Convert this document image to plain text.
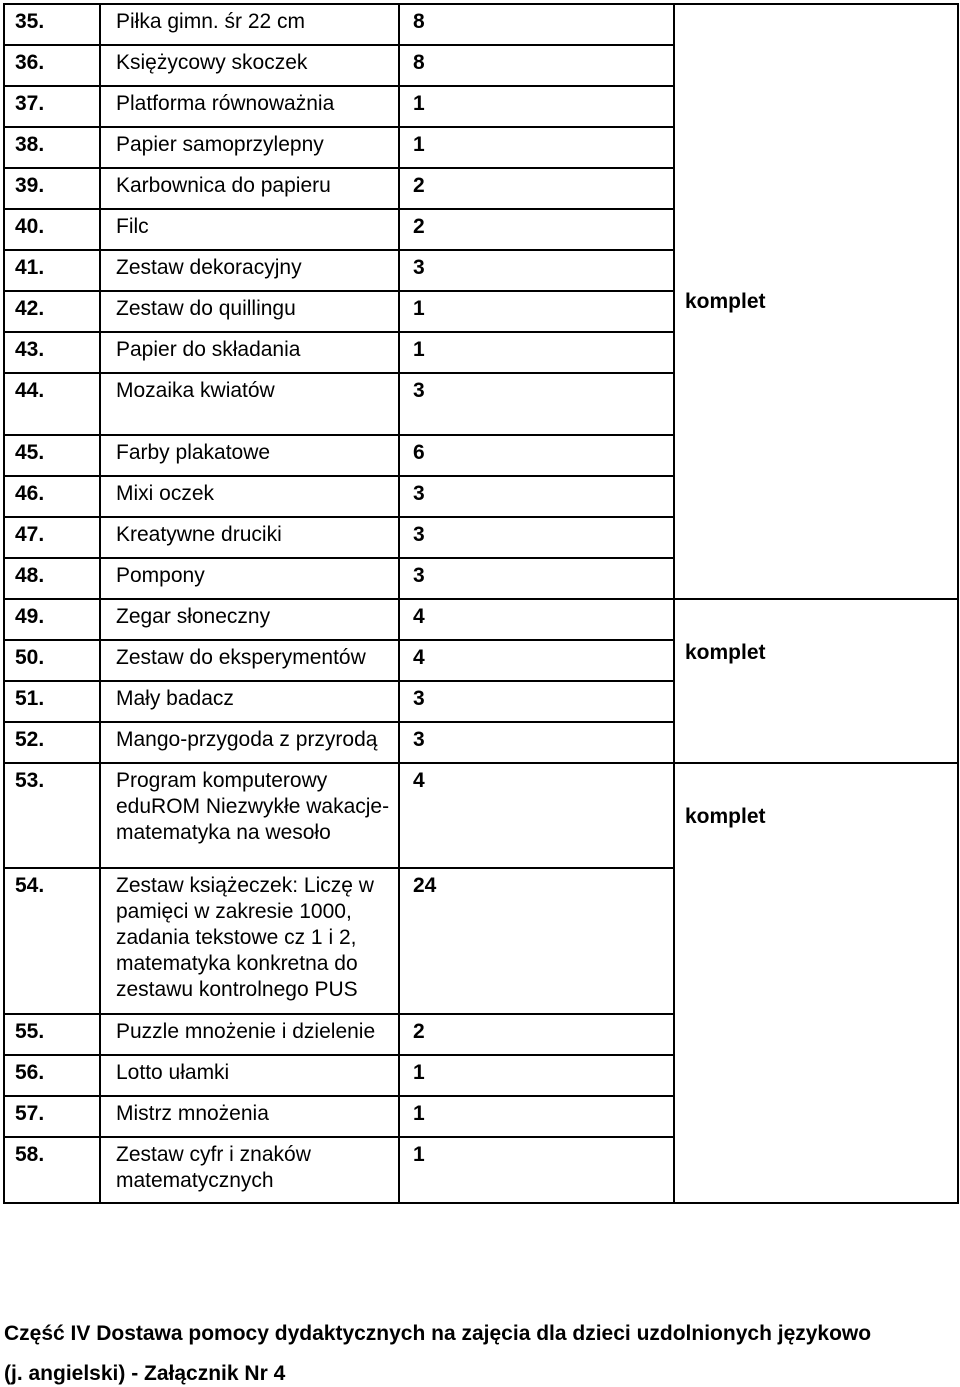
35.	Piłka gimn. śr 22 cm	8	komplet
36.	Księżycowy skoczek	8	
37.	Platforma równoważnia	1	
38.	Papier samoprzylepny	1	
39.	Karbownica do papieru	2	
40.	Filc	2	
41.	Zestaw dekoracyjny	3	
42.	Zestaw do quillingu	1	
43.	Papier do składania	1	
44.	Mozaika kwiatów	3	
45.	Farby plakatowe	6	
46.	Mixi oczek	3	
47.	Kreatywne druciki	3	
48.	Pompony	3	
49.	Zegar słoneczny	4	komplet
50.	Zestaw do eksperymentów	4	
51.	Mały badacz	3	
52.	Mango-przygoda z przyrodą	3	
53.	Program komputerowy eduROM Niezwykłe wakacje- matematyka na wesoło	4	komplet
54.	Zestaw książeczek: Liczę w pamięci w zakresie 1000, zadania tekstowe cz 1 i 2, matematyka konkretna do zestawu kontrolnego PUS	24	
55.	Puzzle mnożenie i dzielenie	2	
56.	Lotto ułamki	1	
57.	Mistrz mnożenia	1	
58.	Zestaw cyfr i znaków matematycznych	1	
Część IV Dostawa pomocy dydaktycznych na zajęcia dla dzieci uzdolnionych językowo
(j. angielski) - Załącznik Nr 4
